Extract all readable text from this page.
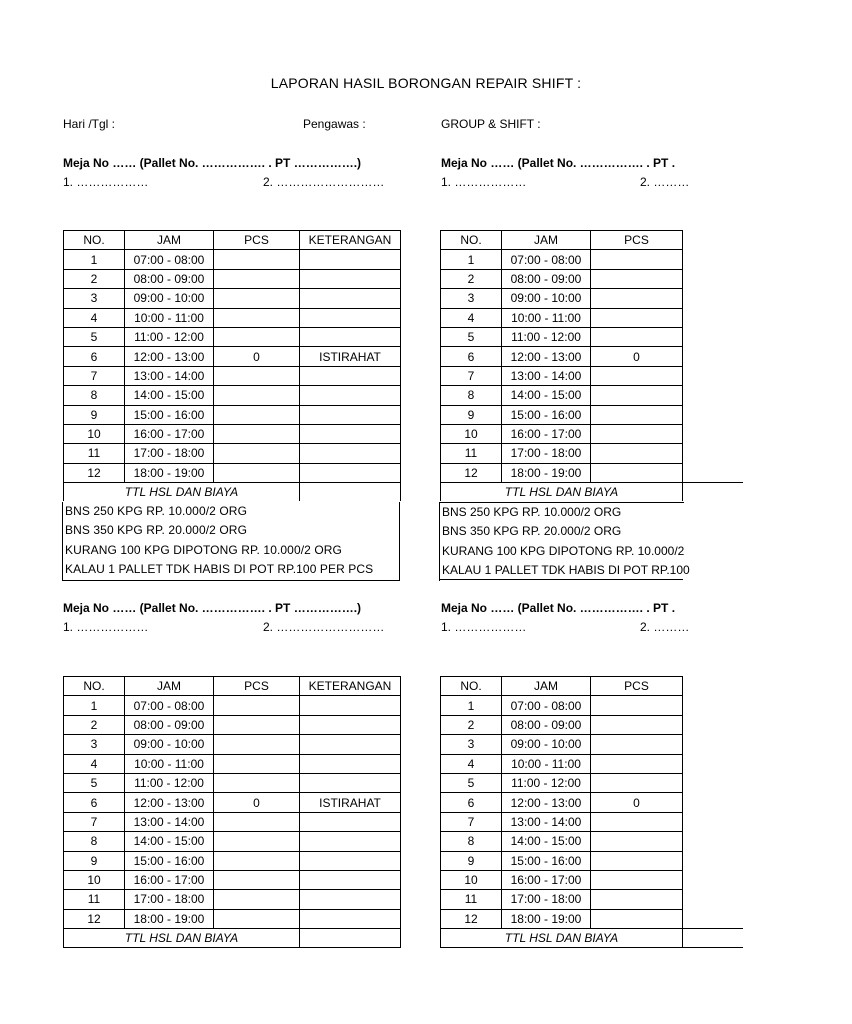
LAPORAN HASIL BORONGAN REPAIR SHIFT :
Hari /Tgl :	Pengawas :	GROUP & SHIFT :
Meja No …… (Pallet No. ……………. . PT …………….)	Meja No …… (Pallet No. ……………. . PT .
1. ………………	2. ………………………	1. ………………	2. ………
NO.	JAM	PCS	KETERANGAN
1	07:00 - 08:00		
2	08:00 - 09:00		
3	09:00 - 10:00		
4	10:00 - 11:00		
5	11:00 - 12:00		
6	12:00 - 13:00	0	ISTIRAHAT
7	13:00 - 14:00		
8	14:00 - 15:00		
9	15:00 - 16:00		
10	16:00 - 17:00		
11	17:00 - 18:00		
12	18:00 - 19:00		
TTL HSL DAN BIAYA			
NO.	JAM	PCS	
1	07:00 - 08:00		
2	08:00 - 09:00		
3	09:00 - 10:00		
4	10:00 - 11:00		
5	11:00 - 12:00		
6	12:00 - 13:00	0	
7	13:00 - 14:00		
8	14:00 - 15:00		
9	15:00 - 16:00		
10	16:00 - 17:00		
11	17:00 - 18:00		
12	18:00 - 19:00		
TTL HSL DAN BIAYA			
BNS 250 KPG RP. 10.000/2 ORG
BNS 350 KPG RP. 20.000/2 ORG
KURANG 100 KPG DIPOTONG RP. 10.000/2 ORG
KALAU 1 PALLET TDK HABIS DI POT RP.100 PER PCS
BNS 250 KPG RP. 10.000/2 ORG
BNS 350 KPG RP. 20.000/2 ORG
KURANG 100 KPG DIPOTONG RP. 10.000/2
KALAU 1 PALLET TDK HABIS DI POT RP.100
Meja No …… (Pallet No. ……………. . PT …………….)	Meja No …… (Pallet No. ……………. . PT .
1. ………………	2. ………………………	1. ………………	2. ………
NO.	JAM	PCS	KETERANGAN
1	07:00 - 08:00		
2	08:00 - 09:00		
3	09:00 - 10:00		
4	10:00 - 11:00		
5	11:00 - 12:00		
6	12:00 - 13:00	0	ISTIRAHAT
7	13:00 - 14:00		
8	14:00 - 15:00		
9	15:00 - 16:00		
10	16:00 - 17:00		
11	17:00 - 18:00		
12	18:00 - 19:00		
TTL HSL DAN BIAYA			
NO.	JAM	PCS	
1	07:00 - 08:00		
2	08:00 - 09:00		
3	09:00 - 10:00		
4	10:00 - 11:00		
5	11:00 - 12:00		
6	12:00 - 13:00	0	
7	13:00 - 14:00		
8	14:00 - 15:00		
9	15:00 - 16:00		
10	16:00 - 17:00		
11	17:00 - 18:00		
12	18:00 - 19:00		
TTL HSL DAN BIAYA			
